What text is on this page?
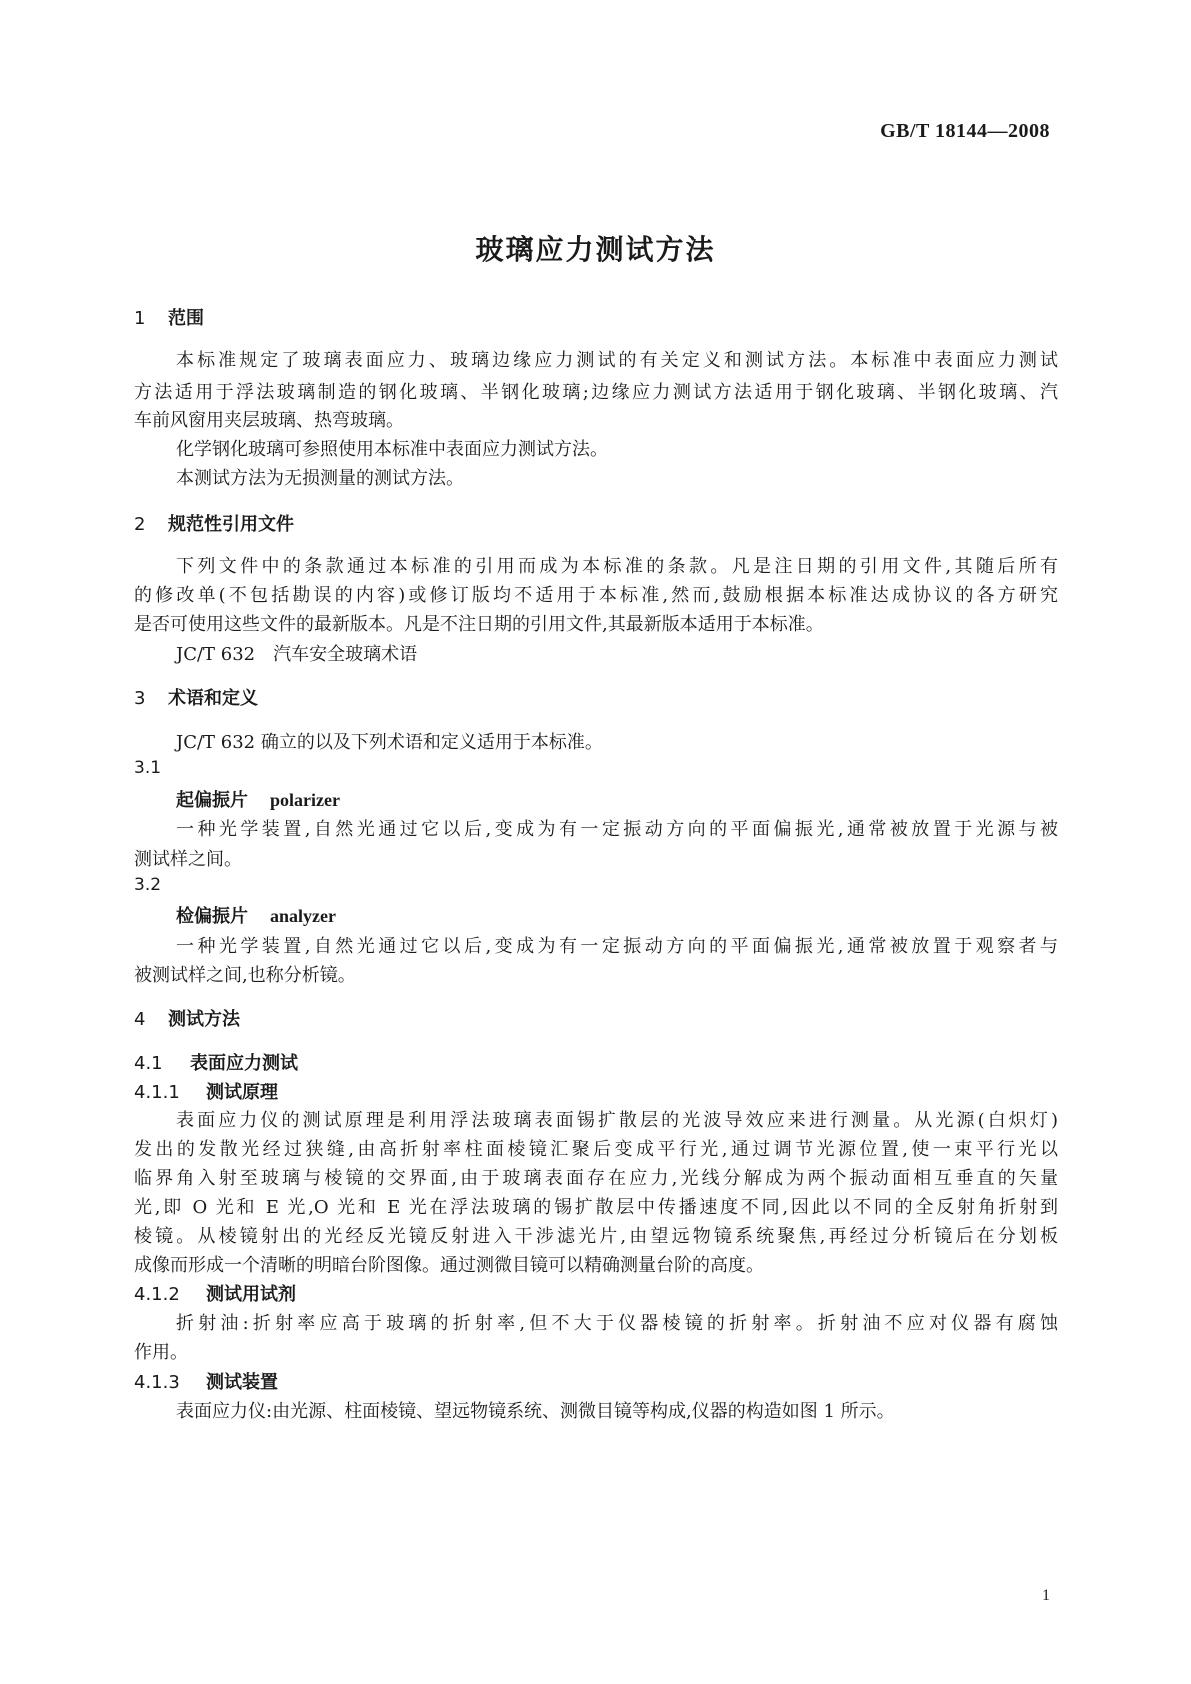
GB/T 18144—2008
玻璃应力测试方法
1 范围
本标准规定了玻璃表面应力、玻璃边缘应力测试的有关定义和测试方法。本标准中表面应力测试
方法适用于浮法玻璃制造的钢化玻璃、半钢化玻璃;边缘应力测试方法适用于钢化玻璃、半钢化玻璃、汽
车前风窗用夹层玻璃、热弯玻璃。
化学钢化玻璃可参照使用本标准中表面应力测试方法。
本测试方法为无损测量的测试方法。
2 规范性引用文件
下列文件中的条款通过本标准的引用而成为本标准的条款。凡是注日期的引用文件,其随后所有
的修改单(不包括勘误的内容)或修订版均不适用于本标准,然而,鼓励根据本标准达成协议的各方研究
是否可使用这些文件的最新版本。凡是不注日期的引用文件,其最新版本适用于本标准。
JC/T 632　汽车安全玻璃术语
3 术语和定义
JC/T 632 确立的以及下列术语和定义适用于本标准。
3.1
起偏振片 polarizer
一种光学装置,自然光通过它以后,变成为有一定振动方向的平面偏振光,通常被放置于光源与被
测试样之间。
3.2
检偏振片 analyzer
一种光学装置,自然光通过它以后,变成为有一定振动方向的平面偏振光,通常被放置于观察者与
被测试样之间,也称分析镜。
4 测试方法
4.1 表面应力测试
4.1.1 测试原理
表面应力仪的测试原理是利用浮法玻璃表面锡扩散层的光波导效应来进行测量。从光源(白炽灯)
发出的发散光经过狭缝,由高折射率柱面棱镜汇聚后变成平行光,通过调节光源位置,使一束平行光以
临界角入射至玻璃与棱镜的交界面,由于玻璃表面存在应力,光线分解成为两个振动面相互垂直的矢量
光,即 O 光和 E 光,O 光和 E 光在浮法玻璃的锡扩散层中传播速度不同,因此以不同的全反射角折射到
棱镜。从棱镜射出的光经反光镜反射进入干涉滤光片,由望远物镜系统聚焦,再经过分析镜后在分划板
成像而形成一个清晰的明暗台阶图像。通过测微目镜可以精确测量台阶的高度。
4.1.2 测试用试剂
折射油:折射率应高于玻璃的折射率,但不大于仪器棱镜的折射率。折射油不应对仪器有腐蚀
作用。
4.1.3 测试装置
表面应力仪:由光源、柱面棱镜、望远物镜系统、测微目镜等构成,仪器的构造如图 1 所示。
1
